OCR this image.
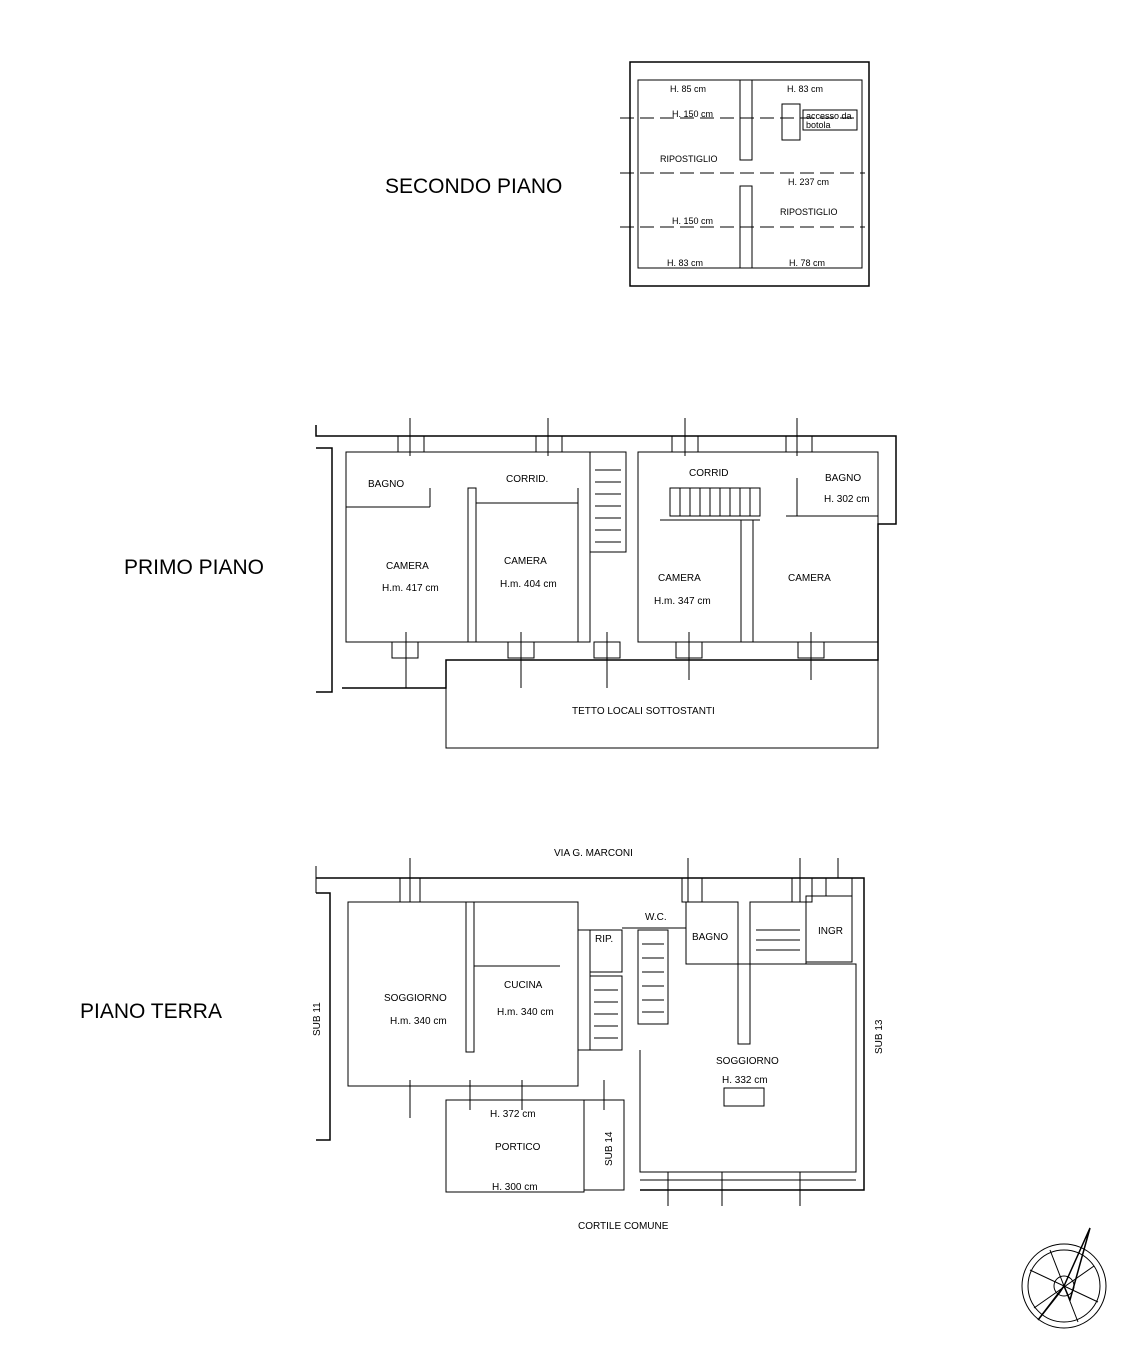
SECONDO PIANO
H. 85 cm	H. 83 cm
H. 150 cm	accesso da
botola
RIPOSTIGLIO
H. 237 cm
RIPOSTIGLIO
H. 150 cm
H. 83 cm	H. 78 cm
PRIMO PIANO
BAGNO	CORRID.
CORRID	BAGNO
H. 302 cm
CAMERA
H.m. 417 cm
CAMERA
H.m. 404 cm
CAMERA
H.m. 347 cm
CAMERA
TETTO LOCALI SOTTOSTANTI
PIANO TERRA
VIA G. MARCONI
W.C.
BAGNO
INGR
RIP.
SOGGIORNO
H.m. 340 cm
CUCINA
H.m. 340 cm
SOGGIORNO
H. 332 cm
H. 372 cm
PORTICO
H. 300 cm
SUB 11
SUB 13
SUB 14
CORTILE COMUNE
